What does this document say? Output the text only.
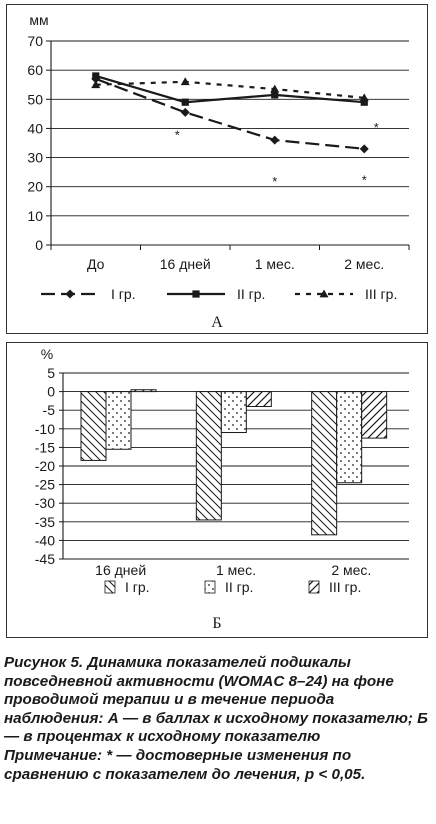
0
10
20
30
40
50
60
70
До	16 дней	1 мес.	2 мес.
мм
*
*
*
*
I гр.	II гр.	III гр.
А
5
0
-5
-10
-15
-20
-25
-30
-35
-40
-45
%
16 дней	1 мес.	2 мес.
I гр.	II гр.	III гр.
Б

Рисунок 5. Динамика показателей подшкалы повседневной активности (WOMAC 8–24) на фоне проводимой терапии и в течение периода наблюдения: А — в баллах к исходному показателю; Б — в процентах к исходному показателю

Примечание: * — достоверные изменения по сравнению с показателем до лечения, p < 0,05.
